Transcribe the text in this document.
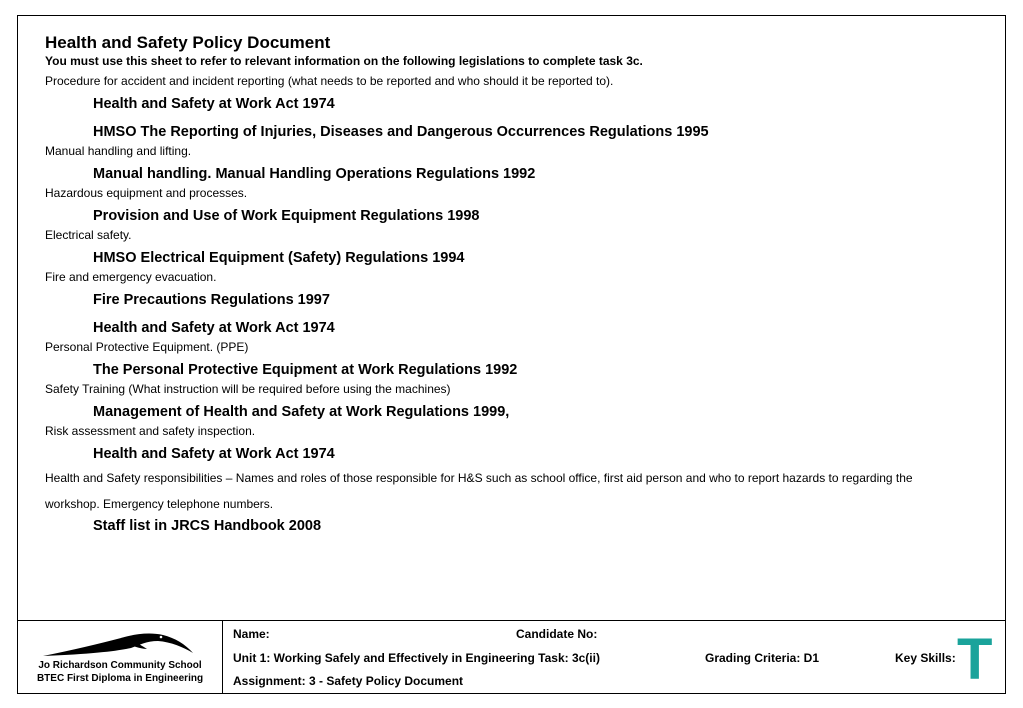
Health and Safety Policy Document
You must use this sheet to refer to relevant information on the following legislations to complete task 3c.
Procedure for accident and incident reporting (what needs to be reported and who should it be reported to).
Health and Safety at Work Act 1974
HMSO The Reporting of Injuries, Diseases and Dangerous Occurrences Regulations 1995
Manual handling and lifting.
Manual handling. Manual Handling Operations Regulations 1992
Hazardous equipment and processes.
Provision and Use of Work Equipment Regulations 1998
Electrical safety.
HMSO Electrical Equipment (Safety) Regulations 1994
Fire and emergency evacuation.
Fire Precautions Regulations 1997
Health and Safety at Work Act 1974
Personal Protective Equipment. (PPE)
The Personal Protective Equipment at Work Regulations 1992
Safety Training (What instruction will be required before using the machines)
Management of Health and Safety at Work Regulations 1999,
Risk assessment and safety inspection.
Health and Safety at Work Act 1974
Health and Safety responsibilities – Names and roles of those responsible for H&S such as school office, first aid person and who to report hazards to regarding the workshop. Emergency telephone numbers.
Staff list in JRCS Handbook 2008
Jo Richardson Community School
BTEC First Diploma in Engineering
Name:	Candidate No:
Unit 1: Working Safely and Effectively in Engineering Task: 3c(ii)	Grading Criteria: D1	Key Skills:
Assignment: 3 - Safety Policy Document	T
